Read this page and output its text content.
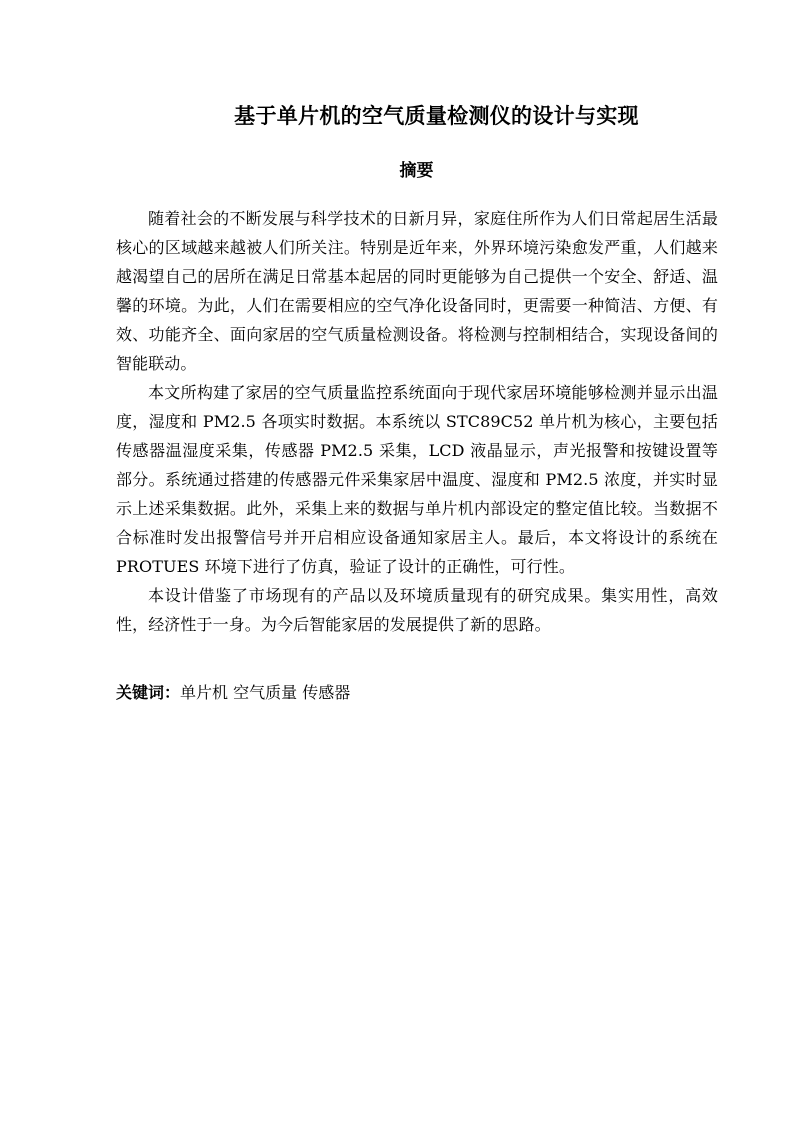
基于单片机的空气质量检测仪的设计与实现
摘要

随着社会的不断发展与科学技术的日新月异，家庭住所作为人们日常起居生活最核心的区域越来越被人们所关注。特别是近年来，外界环境污染愈发严重，人们越来越渴望自己的居所在满足日常基本起居的同时更能够为自己提供一个安全、舒适、温馨的环境。为此，人们在需要相应的空气净化设备同时，更需要一种简洁、方便、有效、功能齐全、面向家居的空气质量检测设备。将检测与控制相结合，实现设备间的智能联动。

本文所构建了家居的空气质量监控系统面向于现代家居环境能够检测并显示出温度，湿度和 PM2.5 各项实时数据。本系统以 STC89C52 单片机为核心，主要包括传感器温湿度采集，传感器 PM2.5 采集，LCD 液晶显示，声光报警和按键设置等部分。系统通过搭建的传感器元件采集家居中温度、湿度和 PM2.5 浓度，并实时显示上述采集数据。此外，采集上来的数据与单片机内部设定的整定值比较。当数据不合标准时发出报警信号并开启相应设备通知家居主人。最后，本文将设计的系统在 PROTUES 环境下进行了仿真，验证了设计的正确性，可行性。

本设计借鉴了市场现有的产品以及环境质量现有的研究成果。集实用性，高效性，经济性于一身。为今后智能家居的发展提供了新的思路。

关键词：单片机 空气质量 传感器
